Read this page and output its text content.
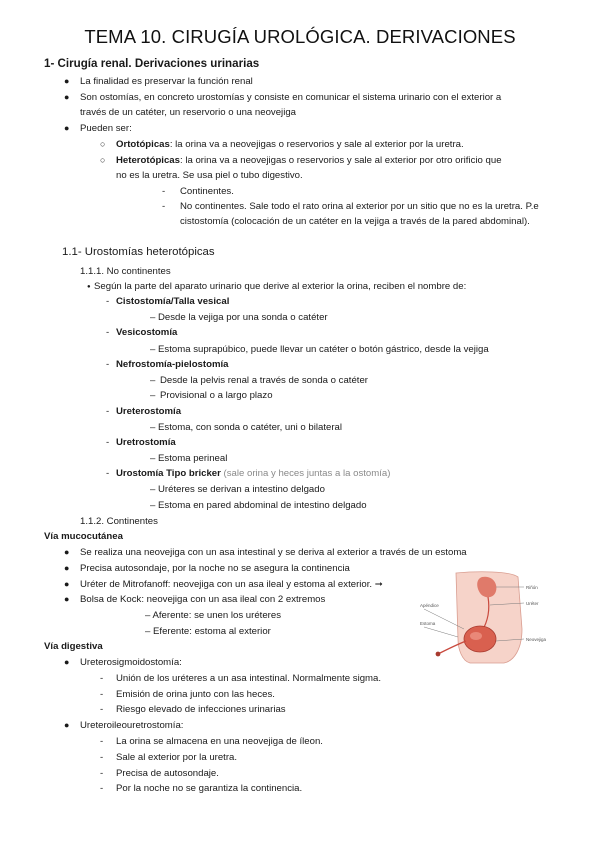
TEMA 10. CIRUGÍA UROLÓGICA. DERIVACIONES
1- Cirugía renal. Derivaciones urinarias
● La finalidad es preservar la función renal
● Son ostomías, en concreto urostomías y consiste en comunicar el sistema urinario con el exterior a
través de un catéter, un reservorio o una neovejiga
● Pueden ser:
○ Ortotópicas: la orina va a neovejigas o reservorios y sale al exterior por la uretra.
○ Heterotópicas: la orina va a neovejigas o reservorios y sale al exterior por otro orificio que
no es la uretra. Se usa piel o tubo digestivo.
- Continentes.
- No continentes. Sale todo el rato orina al exterior por un sitio que no es la uretra. P.e
cistostomía (colocación de un catéter en la vejiga a través de la pared abdominal).
1.1- Urostomías heterotópicas
1.1.1. No continentes
● Según la parte del aparato urinario que derive al exterior la orina, reciben el nombre de:
- Cistostomía/Talla vesical
– Desde la vejiga por una sonda o catéter
- Vesicostomía
– Estoma suprapúbico, puede llevar un catéter o botón gástrico, desde la vejiga
- Nefrostomía-pielostomía
– Desde la pelvis renal a través de sonda o catéter
– Provisional o a largo plazo
- Ureterostomía
– Estoma, con sonda o catéter, uni o bilateral
- Uretrostomía
– Estoma perineal
- Urostomía Tipo bricker (sale orina y heces juntas a la ostomía)
– Uréteres se derivan a intestino delgado
– Estoma en pared abdominal de intestino delgado
1.1.2. Continentes
Vía mucocutánea
● Se realiza una neovejiga con un asa intestinal y se deriva al exterior a través de un estoma
● Precisa autosondaje, por la noche no se asegura la continencia
● Uréter de Mitrofanoff: neovejiga con un asa ileal y estoma al exterior. ➞
● Bolsa de Kock: neovejiga con un asa ileal con 2 extremos
– Aferente: se unen los uréteres
– Eferente: estoma al exterior
Riñón
Uréter
Neovejiga
Apéndice
Estoma
Vía digestiva
● Ureterosigmoidostomía:
- Unión de los uréteres a un asa intestinal. Normalmente sigma.
- Emisión de orina junto con las heces.
- Riesgo elevado de infecciones urinarias
● Ureteroileouretrostomía:
- La orina se almacena en una neovejiga de íleon.
- Sale al exterior por la uretra.
- Precisa de autosondaje.
- Por la noche no se garantiza la continencia.
